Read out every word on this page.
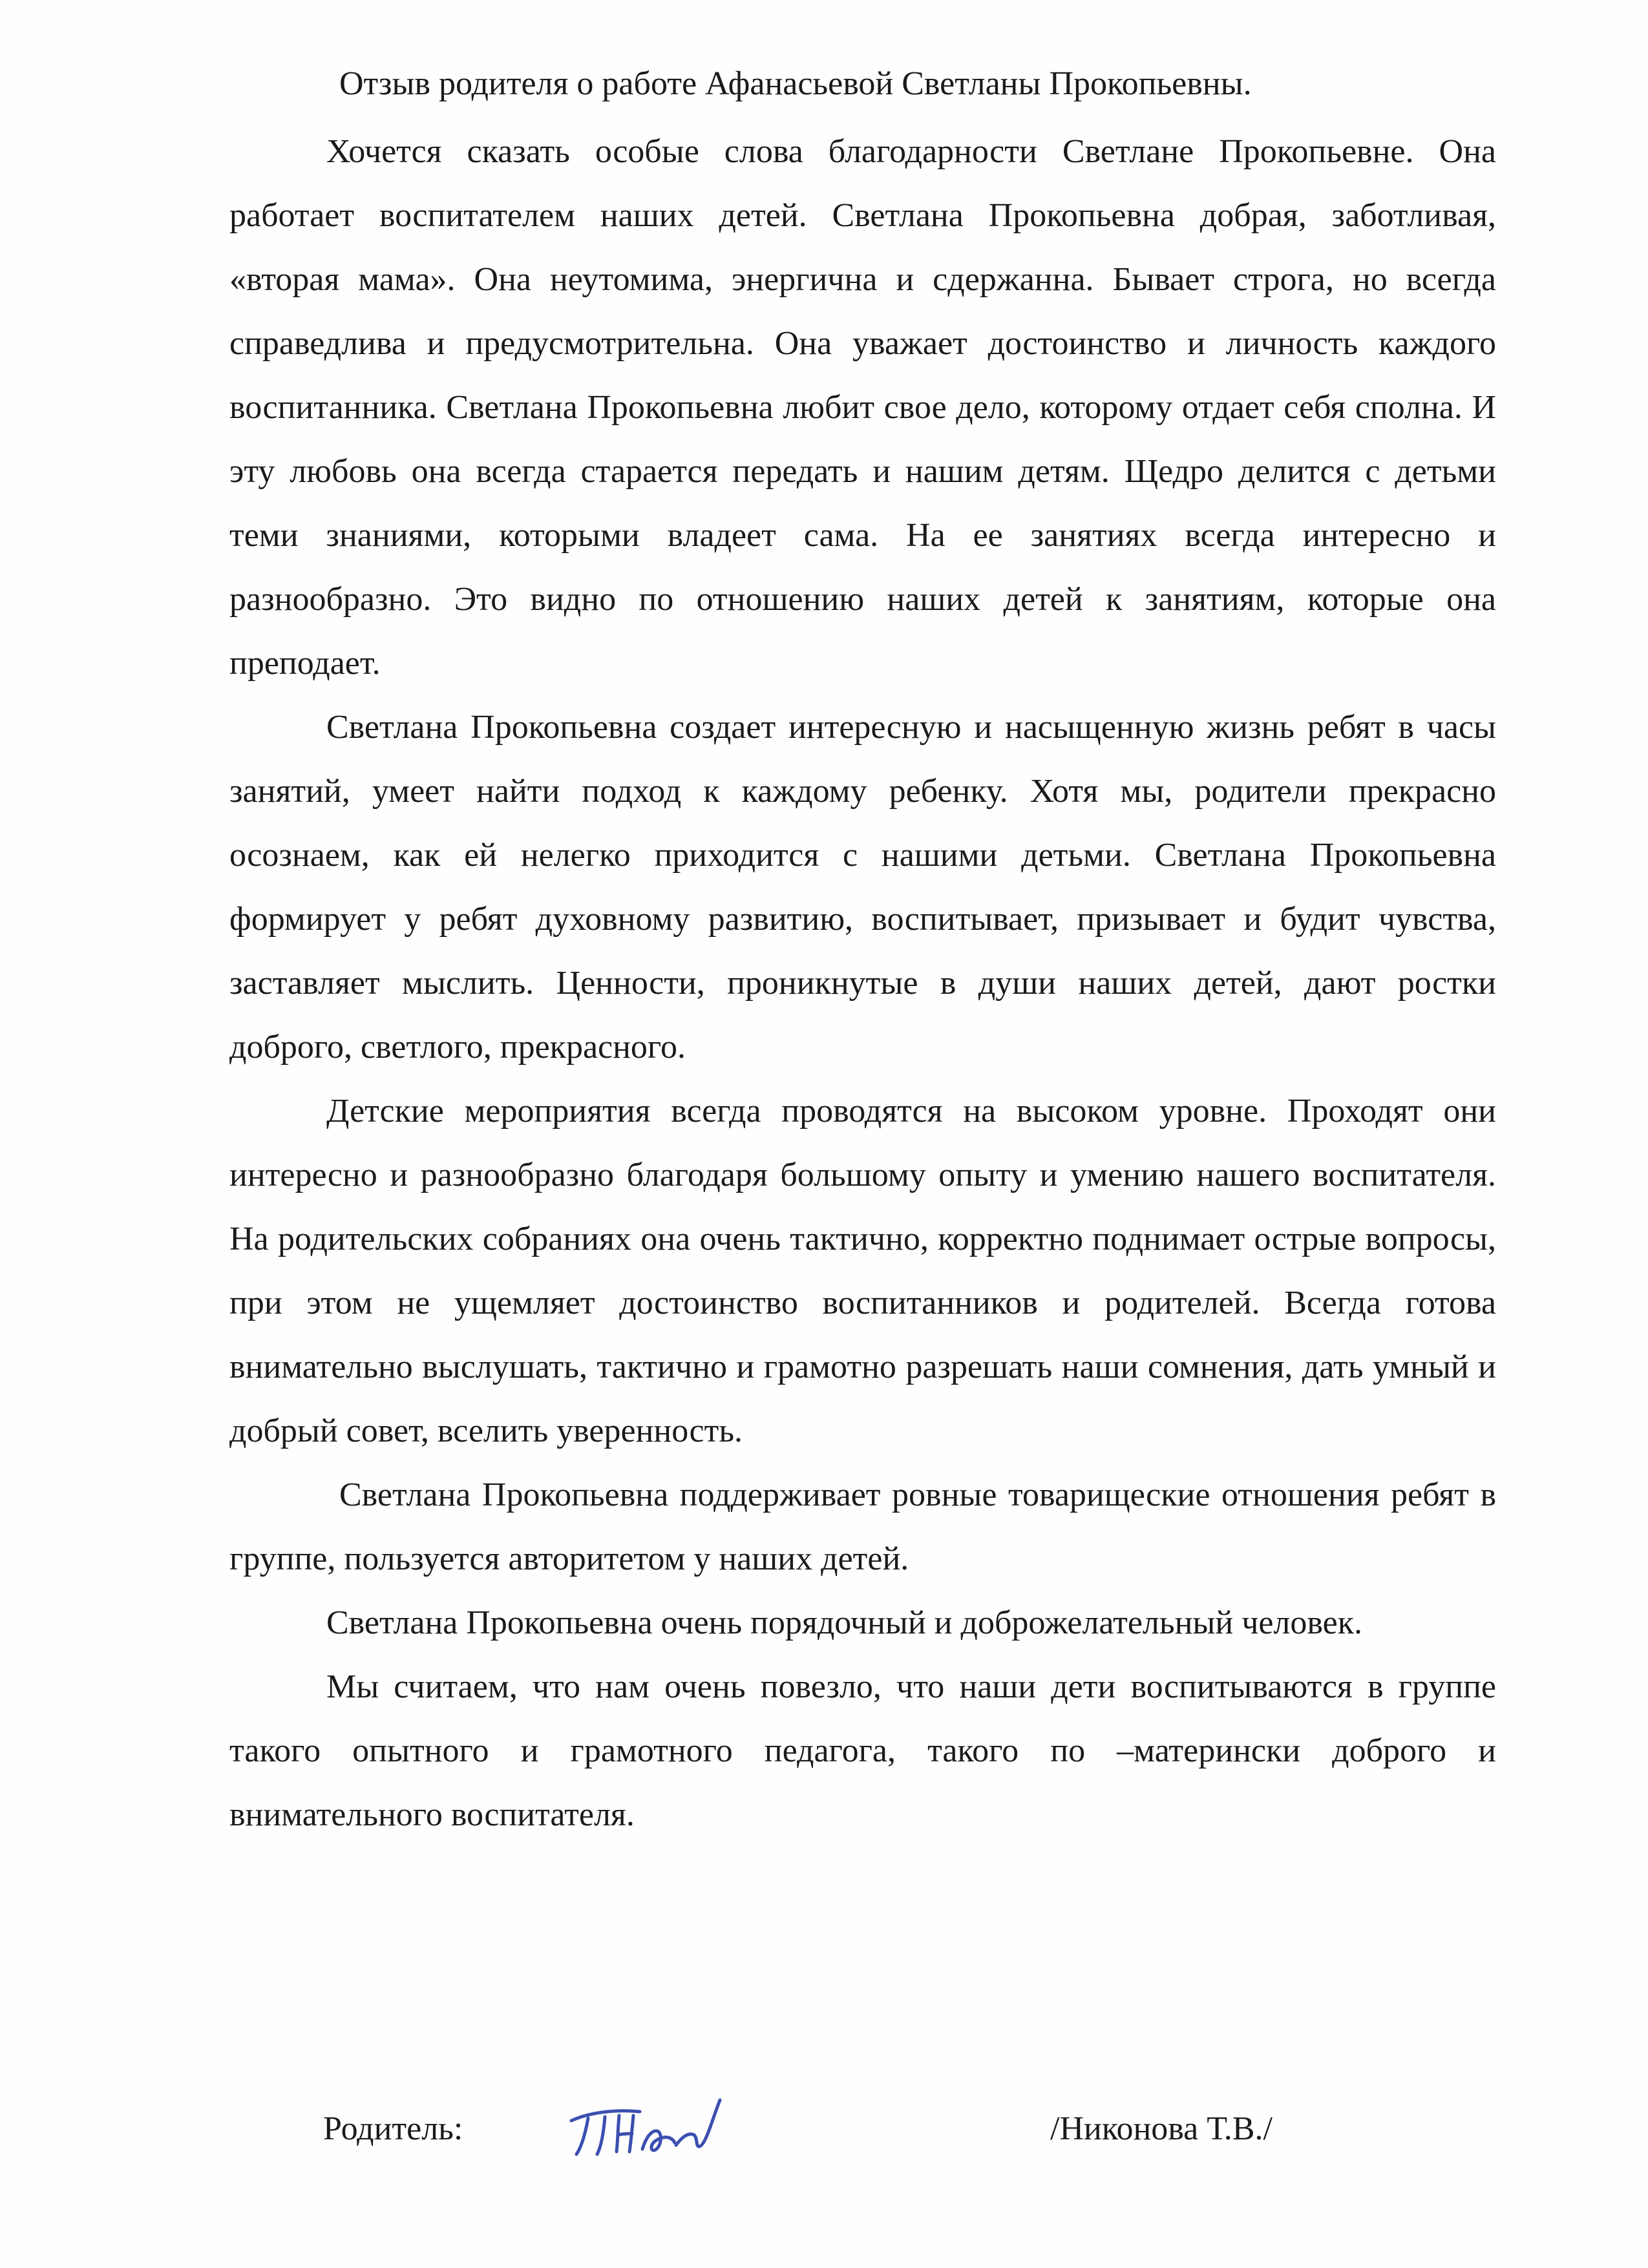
Отзыв родителя о работе Афанасьевой Светланы Прокопьевны.

Хочется сказать особые слова благодарности Светлане Прокопьевне. Она работает воспитателем наших детей. Светлана Прокопьевна добрая, заботливая, «вторая мама». Она неутомима, энергична и сдержанна. Бывает строга, но всегда справедлива и предусмотрительна. Она уважает достоинство и личность каждого воспитанника. Светлана Прокопьевна любит свое дело, которому отдает себя сполна. И эту любовь она всегда старается передать и нашим детям. Щедро делится с детьми теми знаниями, которыми владеет сама. На ее занятиях всегда интересно и разнообразно. Это видно по отношению наших детей к занятиям, которые она преподает.

Светлана Прокопьевна создает интересную и насыщенную жизнь ребят в часы занятий, умеет найти подход к каждому ребенку. Хотя мы, родители прекрасно осознаем, как ей нелегко приходится с нашими детьми. Светлана Прокопьевна формирует у ребят духовному развитию, воспитывает, призывает и будит чувства, заставляет мыслить. Ценности, проникнутые в души наших детей, дают ростки доброго, светлого, прекрасного.

Детские мероприятия всегда проводятся на высоком уровне. Проходят они интересно и разнообразно благодаря большому опыту и умению нашего воспитателя. На родительских собраниях она очень тактично, корректно поднимает острые вопросы, при этом не ущемляет достоинство воспитанников и родителей. Всегда готова внимательно выслушать, тактично и грамотно разрешать наши сомнения, дать умный и добрый совет, вселить уверенность.

Светлана Прокопьевна поддерживает ровные товарищеские отношения ребят в группе, пользуется авторитетом у наших детей.

Светлана Прокопьевна очень порядочный и доброжелательный человек.

Мы считаем, что нам очень повезло, что наши дети воспитываются в группе такого опытного и грамотного педагога, такого по –матерински доброго и внимательного воспитателя.

Родитель:	/Никонова Т.В./
